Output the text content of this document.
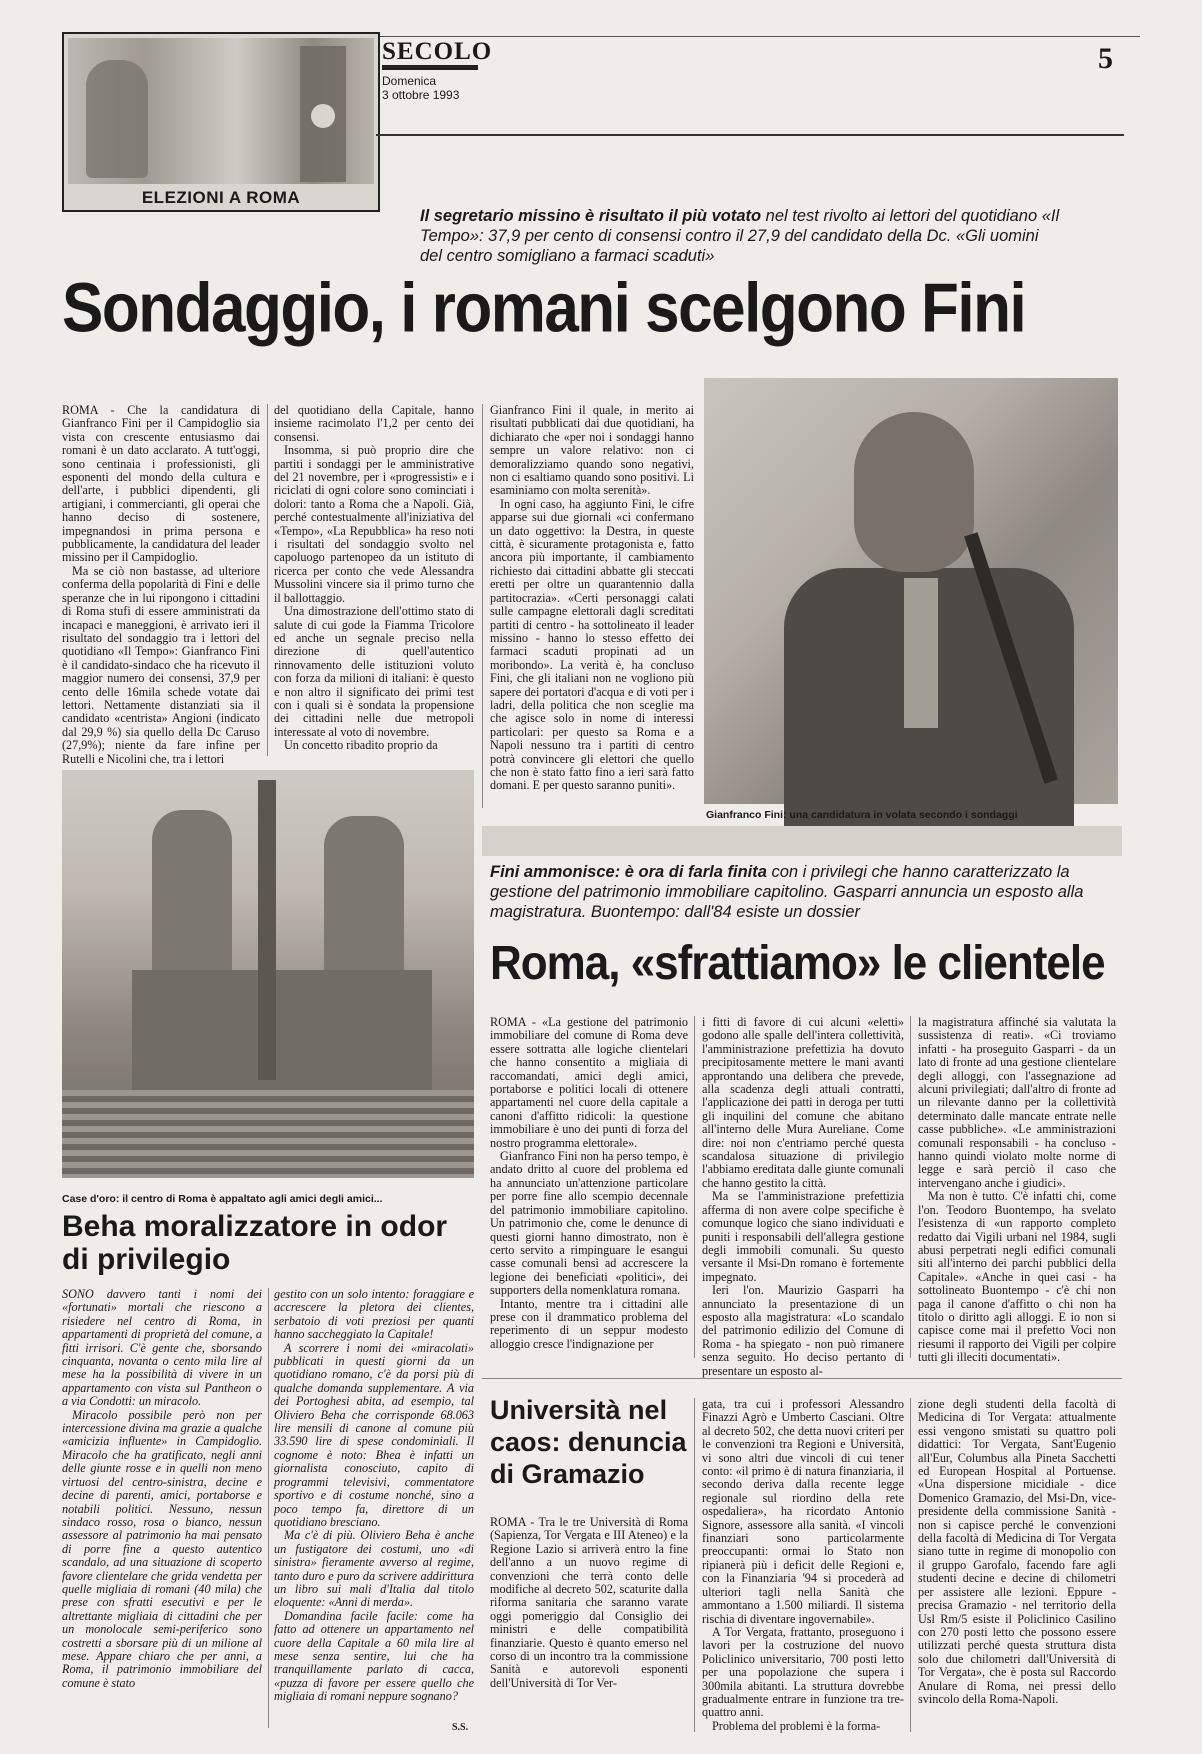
ELEZIONI A ROMA
SECOLO
Domenica
3 ottobre 1993
5
Il segretario missino è risultato il più votato nel test rivolto ai lettori del quotidiano «Il Tempo»: 37,9 per cento di consensi contro il 27,9 del candidato della Dc. «Gli uomini del centro somigliano a farmaci scaduti»
Sondaggio, i romani scelgono Fini

ROMA - Che la candidatura di Gianfranco Fini per il Campidoglio sia vista con crescente entusiasmo dai romani è un dato acclarato. A tutt'oggi, sono centinaia i professionisti, gli esponenti del mondo della cultura e dell'arte, i pubblici dipendenti, gli artigiani, i commercianti, gli operai che hanno deciso di sostenere, impegnandosi in prima persona e pubblicamente, la candidatura del leader missino per il Campidoglio.

Ma se ciò non bastasse, ad ulteriore conferma della popolarità di Fini e delle speranze che in lui ripongono i cittadini di Roma stufi di essere amministrati da incapaci e maneggioni, è arrivato ieri il risultato del sondaggio tra i lettori del quotidiano «Il Tempo»: Gianfranco Fini è il candidato-sindaco che ha ricevuto il maggior numero dei consensi, 37,9 per cento delle 16mila schede votate dai lettori. Nettamente distanziati sia il candidato «centrista» Angioni (indicato dal 29,9 %) sia quello della Dc Caruso (27,9%); niente da fare infine per Rutelli e Nicolini che, tra i lettori

del quotidiano della Capitale, hanno insieme racimolato l'1,2 per cento dei consensi.

Insomma, si può proprio dire che partiti i sondaggi per le amministrative del 21 novembre, per i «progressisti» e i riciclati di ogni colore sono cominciati i dolori: tanto a Roma che a Napoli. Già, perché contestualmente all'iniziativa del «Tempo», «La Repubblica» ha reso noti i risultati del sondaggio svolto nel capoluogo partenopeo da un istituto di ricerca per conto che vede Alessandra Mussolini vincere sia il primo turno che il ballottaggio.

Una dimostrazione dell'ottimo stato di salute di cui gode la Fiamma Tricolore ed anche un segnale preciso nella direzione di quell'autentico rinnovamento delle istituzioni voluto con forza da milioni di italiani: è questo e non altro il significato dei primi test con i quali si è sondata la propensione dei cittadini nelle due metropoli interessate al voto di novembre.

Un concetto ribadito proprio da

Gianfranco Fini il quale, in merito ai risultati pubblicati dai due quotidiani, ha dichiarato che «per noi i sondaggi hanno sempre un valore relativo: non ci demoralizziamo quando sono negativi, non ci esaltiamo quando sono positivi. Li esaminiamo con molta serenità».

In ogni caso, ha aggiunto Fini, le cifre apparse sui due giornali «ci confermano un dato oggettivo: la Destra, in queste città, è sicuramente protagonista e, fatto ancora più importante, il cambiamento richiesto dai cittadini abbatte gli steccati eretti per oltre un quarantennio dalla partitocrazia». «Certi personaggi calati sulle campagne elettorali dagli screditati partiti di centro - ha sottolineato il leader missino - hanno lo stesso effetto dei farmaci scaduti propinati ad un moribondo». La verità è, ha concluso Fini, che gli italiani non ne vogliono più sapere dei portatori d'acqua e di voti per i ladri, della politica che non sceglie ma che agisce solo in nome di interessi particolari: per questo sa Roma e a Napoli nessuno tra i partiti di centro potrà convincere gli elettori che quello che non è stato fatto fino a ieri sarà fatto domani. E per questo saranno puniti».

Gianfranco Fini: una candidatura in volata secondo i sondaggi
Case d'oro: il centro di Roma è appaltato agli amici degli amici...
Fini ammonisce: è ora di farla finita con i privilegi che hanno caratterizzato la gestione del patrimonio immobiliare capitolino. Gasparri annuncia un esposto alla magistratura. Buontempo: dall'84 esiste un dossier
Roma, «sfrattiamo» le clientele

ROMA - «La gestione del patrimonio immobiliare del comune di Roma deve essere sottratta alle logiche clientelari che hanno consentito a migliaia di raccomandati, amici degli amici, portaborse e politici locali di ottenere appartamenti nel cuore della capitale a canoni d'affitto ridicoli: la questione immobiliare è uno dei punti di forza del nostro programma elettorale».

Gianfranco Fini non ha perso tempo, è andato dritto al cuore del problema ed ha annunciato un'attenzione particolare per porre fine allo scempio decennale del patrimonio immobiliare capitolino. Un patrimonio che, come le denunce di questi giorni hanno dimostrato, non è certo servito a rimpinguare le esangui casse comunali bensì ad accrescere la legione dei beneficiati «politici», dei supporters della nomenklatura romana.

Intanto, mentre tra i cittadini alle prese con il drammatico problema del reperimento di un seppur modesto alloggio cresce l'indignazione per

i fitti di favore di cui alcuni «eletti» godono alle spalle dell'intera collettività, l'amministrazione prefettizia ha dovuto precipitosamente mettere le mani avanti approntando una delibera che prevede, alla scadenza degli attuali contratti, l'applicazione dei patti in deroga per tutti gli inquilini del comune che abitano all'interno delle Mura Aureliane. Come dire: noi non c'entriamo perché questa scandalosa situazione di privilegio l'abbiamo ereditata dalle giunte comunali che hanno gestito la città.

Ma se l'amministrazione prefettizia afferma di non avere colpe specifiche è comunque logico che siano individuati e puniti i responsabili dell'allegra gestione degli immobili comunali. Su questo versante il Msi-Dn romano è fortemente impegnato.

Ieri l'on. Maurizio Gasparri ha annunciato la presentazione di un esposto alla magistratura: «Lo scandalo del patrimonio edilizio del Comune di Roma - ha spiegato - non può rimanere senza seguito. Ho deciso pertanto di presentare un esposto al-

la magistratura affinché sia valutata la sussistenza di reati». «Ci troviamo infatti - ha proseguito Gasparri - da un lato di fronte ad una gestione clientelare degli alloggi, con l'assegnazione ad alcuni privilegiati; dall'altro di fronte ad un rilevante danno per la collettività determinato dalle mancate entrate nelle casse pubbliche». «Le amministrazioni comunali responsabili - ha concluso - hanno quindi violato molte norme di legge e sarà perciò il caso che intervengano anche i giudici».

Ma non è tutto. C'è infatti chi, come l'on. Teodoro Buontempo, ha svelato l'esistenza di «un rapporto completo redatto dai Vigili urbani nel 1984, sugli abusi perpetrati negli edifici comunali siti all'interno dei parchi pubblici della Capitale». «Anche in quei casi - ha sottolineato Buontempo - c'è chi non paga il canone d'affitto o chi non ha titolo o diritto agli alloggi. E io non si capisce come mai il prefetto Voci non riesumi il rapporto dei Vigili per colpire tutti gli illeciti documentati».

Beha moralizzatore in odor di privilegio

SONO davvero tanti i nomi dei «fortunati» mortali che riescono a risiedere nel centro di Roma, in appartamenti di proprietà del comune, a fitti irrisori. C'è gente che, sborsando cinquanta, novanta o cento mila lire al mese ha la possibilità di vivere in un appartamento con vista sul Pantheon o a via Condotti: un miracolo.

Miracolo possibile però non per intercessione divina ma grazie a qualche «amicizia influente» in Campidoglio. Miracolo che ha gratificato, negli anni delle giunte rosse e in quelli non meno virtuosi del centro-sinistra, decine e decine di parenti, amici, portaborse e notabili politici. Nessuno, nessun sindaco rosso, rosa o bianco, nessun assessore al patrimonio ha mai pensato di porre fine a questo autentico scandalo, ad una situazione di scoperto favore clientelare che grida vendetta per quelle migliaia di romani (40 mila) che prese con sfratti esecutivi e per le altrettante migliaia di cittadini che per un monolocale semi-periferico sono costretti a sborsare più di un milione al mese. Appare chiaro che per anni, a Roma, il patrimonio immobiliare del comune è stato

gestito con un solo intento: foraggiare e accrescere la pletora dei clientes, serbatoio di voti preziosi per quanti hanno saccheggiato la Capitale!

A scorrere i nomi dei «miracolati» pubblicati in questi giorni da un quotidiano romano, c'è da porsi più di qualche domanda supplementare. A via dei Portoghesi abita, ad esempio, tal Oliviero Beha che corrisponde 68.063 lire mensili di canone al comune più 33.590 lire di spese condominiali. Il cognome è noto: Bhea è infatti un giornalista conosciuto, capito di programmi televisivi, commentatore sportivo e di costume nonché, sino a poco tempo fa, direttore di un quotidiano bresciano.

Ma c'è di più. Oliviero Beha è anche un fustigatore dei costumi, uno «di sinistra» fieramente avverso al regime, tanto duro e puro da scrivere addirittura un libro sui mali d'Italia dal titolo eloquente: «Anni di merda».

Domandina facile facile: come ha fatto ad ottenere un appartamento nel cuore della Capitale a 60 mila lire al mese senza sentire, lui che ha tranquillamente parlato di cacca, «puzza di favore per essere quello che migliaia di romani neppure sognano?

S.S.
Università nel caos: denuncia di Gramazio

ROMA - Tra le tre Università di Roma (Sapienza, Tor Vergata e III Ateneo) e la Regione Lazio si arriverà entro la fine dell'anno a un nuovo regime di convenzioni che terrà conto delle modifiche al decreto 502, scaturite dalla riforma sanitaria che saranno varate oggi pomeriggio dal Consiglio dei ministri e delle compatibilità finanziarie. Questo è quanto emerso nel corso di un incontro tra la commissione Sanità e autorevoli esponenti dell'Università di Tor Ver-

gata, tra cui i professori Alessandro Finazzi Agrò e Umberto Casciani. Oltre al decreto 502, che detta nuovi criteri per le convenzioni tra Regioni e Università, vi sono altri due vincoli di cui tener conto: «il primo è di natura finanziaria, il secondo deriva dalla recente legge regionale sul riordino della rete ospedaliera», ha ricordato Antonio Signore, assessore alla sanità. «I vincoli finanziari sono particolarmente preoccupanti: ormai lo Stato non ripianerà più i deficit delle Regioni e, con la Finanziaria '94 si procederà ad ulteriori tagli nella Sanità che ammontano a 1.500 miliardi. Il sistema rischia di diventare ingovernabile».

A Tor Vergata, frattanto, proseguono i lavori per la costruzione del nuovo Policlinico universitario, 700 posti letto per una popolazione che supera i 300mila abitanti. La struttura dovrebbe gradualmente entrare in funzione tra tre-quattro anni.

Problema del problemi è la forma-

zione degli studenti della facoltà di Medicina di Tor Vergata: attualmente essi vengono smistati su quattro poli didattici: Tor Vergata, Sant'Eugenio all'Eur, Columbus alla Pineta Sacchetti ed European Hospital al Portuense. «Una dispersione micidiale - dice Domenico Gramazio, del Msi-Dn, vice-presidente della commissione Sanità - non si capisce perché le convenzioni della facoltà di Medicina di Tor Vergata siano tutte in regime di monopolio con il gruppo Garofalo, facendo fare agli studenti decine e decine di chilometri per assistere alle lezioni. Eppure - precisa Gramazio - nel territorio della Usl Rm/5 esiste il Policlinico Casilino con 270 posti letto che possono essere utilizzati perché questa struttura dista solo due chilometri dall'Università di Tor Vergata», che è posta sul Raccordo Anulare di Roma, nei pressi dello svincolo della Roma-Napoli.
